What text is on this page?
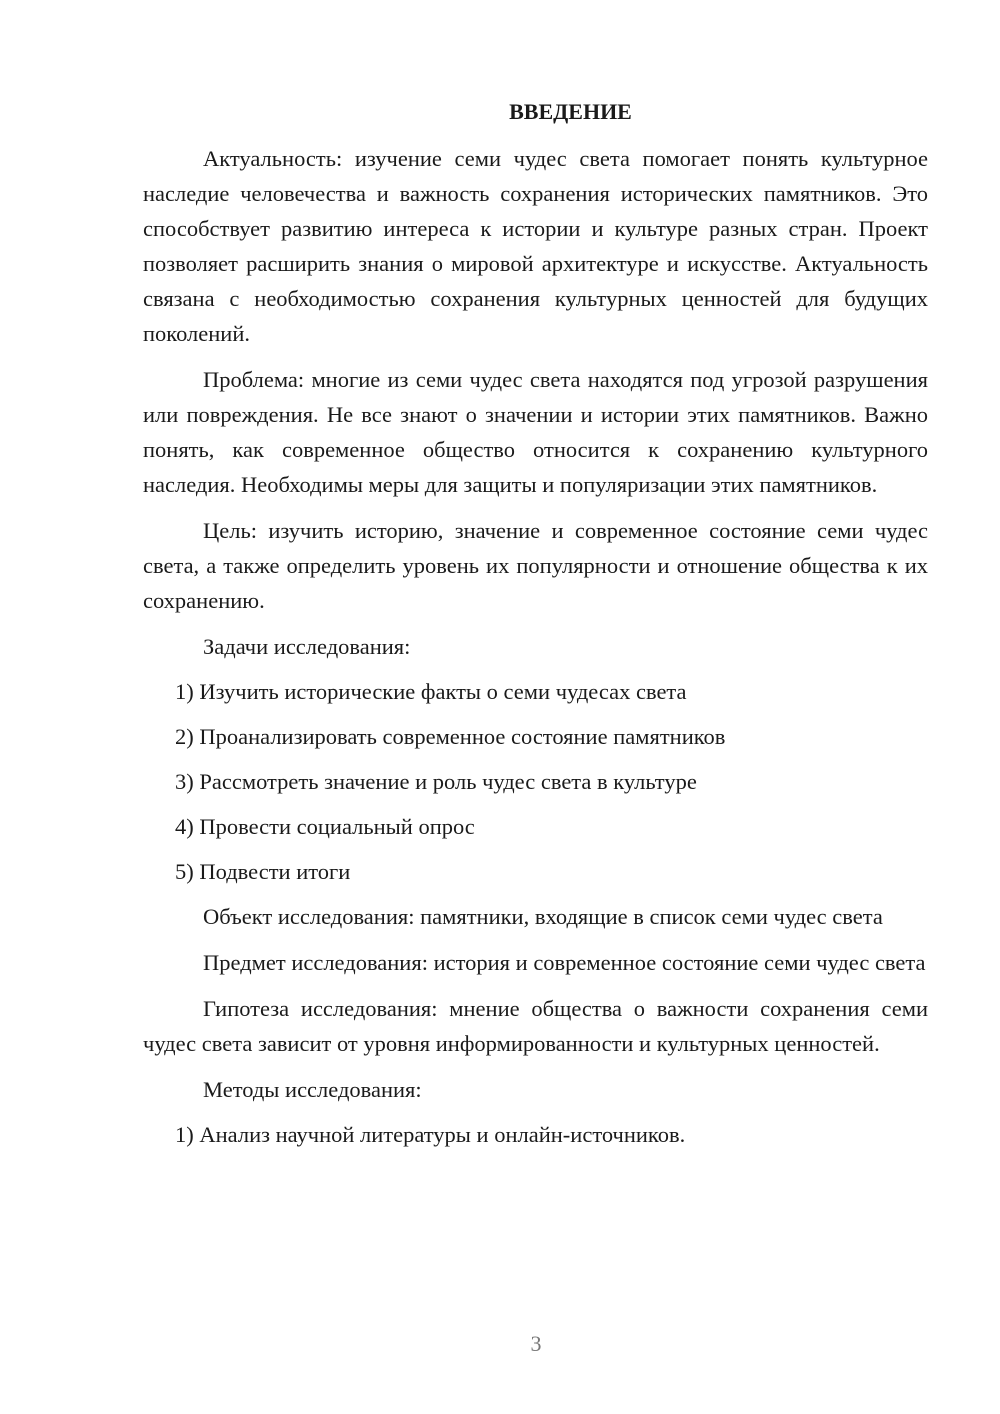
ВВЕДЕНИЕ

Актуальность: изучение семи чудес света помогает понять культурное наследие человечества и важность сохранения исторических памятников. Это способствует развитию интереса к истории и культуре разных стран. Проект позволяет расширить знания о мировой архитектуре и искусстве. Актуальность связана с необходимостью сохранения культурных ценностей для будущих поколений.

Проблема: многие из семи чудес света находятся под угрозой разрушения или повреждения. Не все знают о значении и истории этих памятников. Важно понять, как современное общество относится к сохранению культурного наследия. Необходимы меры для защиты и популяризации этих памятников.

Цель: изучить историю, значение и современное состояние семи чудес света, а также определить уровень их популярности и отношение общества к их сохранению.

Задачи исследования:

1) Изучить исторические факты о семи чудесах света
2) Проанализировать современное состояние памятников
3) Рассмотреть значение и роль чудес света в культуре
4) Провести социальный опрос
5) Подвести итоги

Объект исследования: памятники, входящие в список семи чудес света

Предмет исследования: история и современное состояние семи чудес света

Гипотеза исследования: мнение общества о важности сохранения семи чудес света зависит от уровня информированности и культурных ценностей.

Методы исследования:

1) Анализ научной литературы и онлайн-источников.
3
